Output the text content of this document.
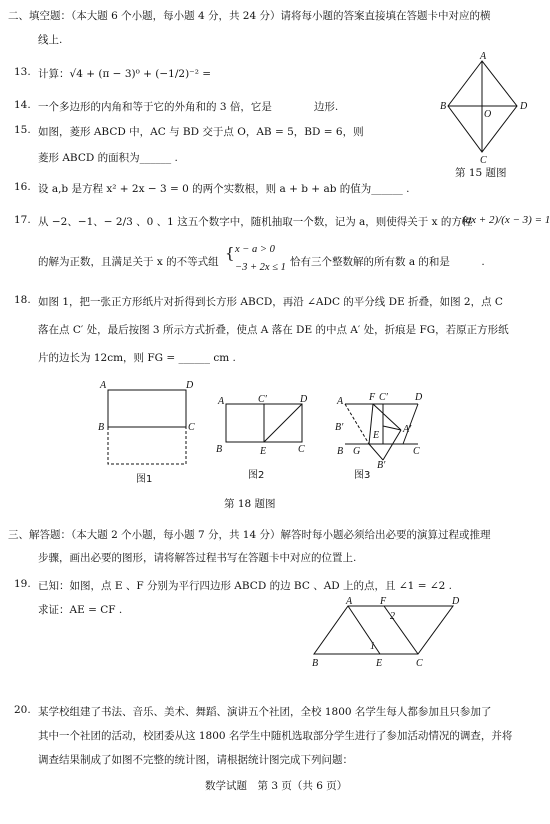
二、填空题：（本大题 6 个小题，每小题 4 分，共 24 分）请将每小题的答案直接填在答题卡中对应的横
线上.
13. 计算：√4 + (π − 3)⁰ + (−1/2)⁻² =
14. 一个多边形的内角和等于它的外角和的 3 倍，它是　　　　边形.
15. 如图，菱形 ABCD 中，AC 与 BD 交于点 O，AB = 5，BD = 6，则
菱形 ABCD 的面积为______ .
A
B
C
D
O
第 15 题图
16. 设 a,b 是方程 x² + 2x − 3 = 0 的两个实数根，则 a + b + ab 的值为______ .
17. 从 −2、−1、− 2/3 、0 、1 这五个数字中，随机抽取一个数，记为 a，则使得关于 x 的方程
(ax + 2)/(x − 3) = 1
的解为正数，且满足关于 x 的不等式组 { x − a > 0
−3 + 2x ≤ 1 恰有三个整数解的所有数 a 的和是　　　.
18. 如图 1，把一张正方形纸片对折得到长方形 ABCD，再沿 ∠ADC 的平分线 DE 折叠，如图 2，点 C
落在点 C′ 处，最后按图 3 所示方式折叠，使点 A 落在 DE 的中点 A′ 处，折痕是 FG，若原正方形纸
片的边长为 12cm，则 FG = ______ cm .
A
B	C
D
图1
A	C′	D
B	E	C
图2
A	F C′	D
B′	A′
E
B G	C
B′
图3
第 18 题图
三、解答题：（本大题 2 个小题，每小题 7 分，共 14 分）解答时每小题必须给出必要的演算过程或推理
步骤，画出必要的图形，请将解答过程书写在答题卡中对应的位置上.
19. 已知：如图，点 E 、F 分别为平行四边形 ABCD 的边 BC 、AD 上的点，且 ∠1 = ∠2 .
求证：AE = CF .
A	F	D
2
1
B	E	C
20. 某学校组建了书法、音乐、美术、舞蹈、演讲五个社团，全校 1800 名学生每人都参加且只参加了
其中一个社团的活动，校团委从这 1800 名学生中随机选取部分学生进行了参加活动情况的调查，并将
调查结果制成了如图不完整的统计图，请根据统计图完成下列问题：
数学试题　第 3 页（共 6 页）
